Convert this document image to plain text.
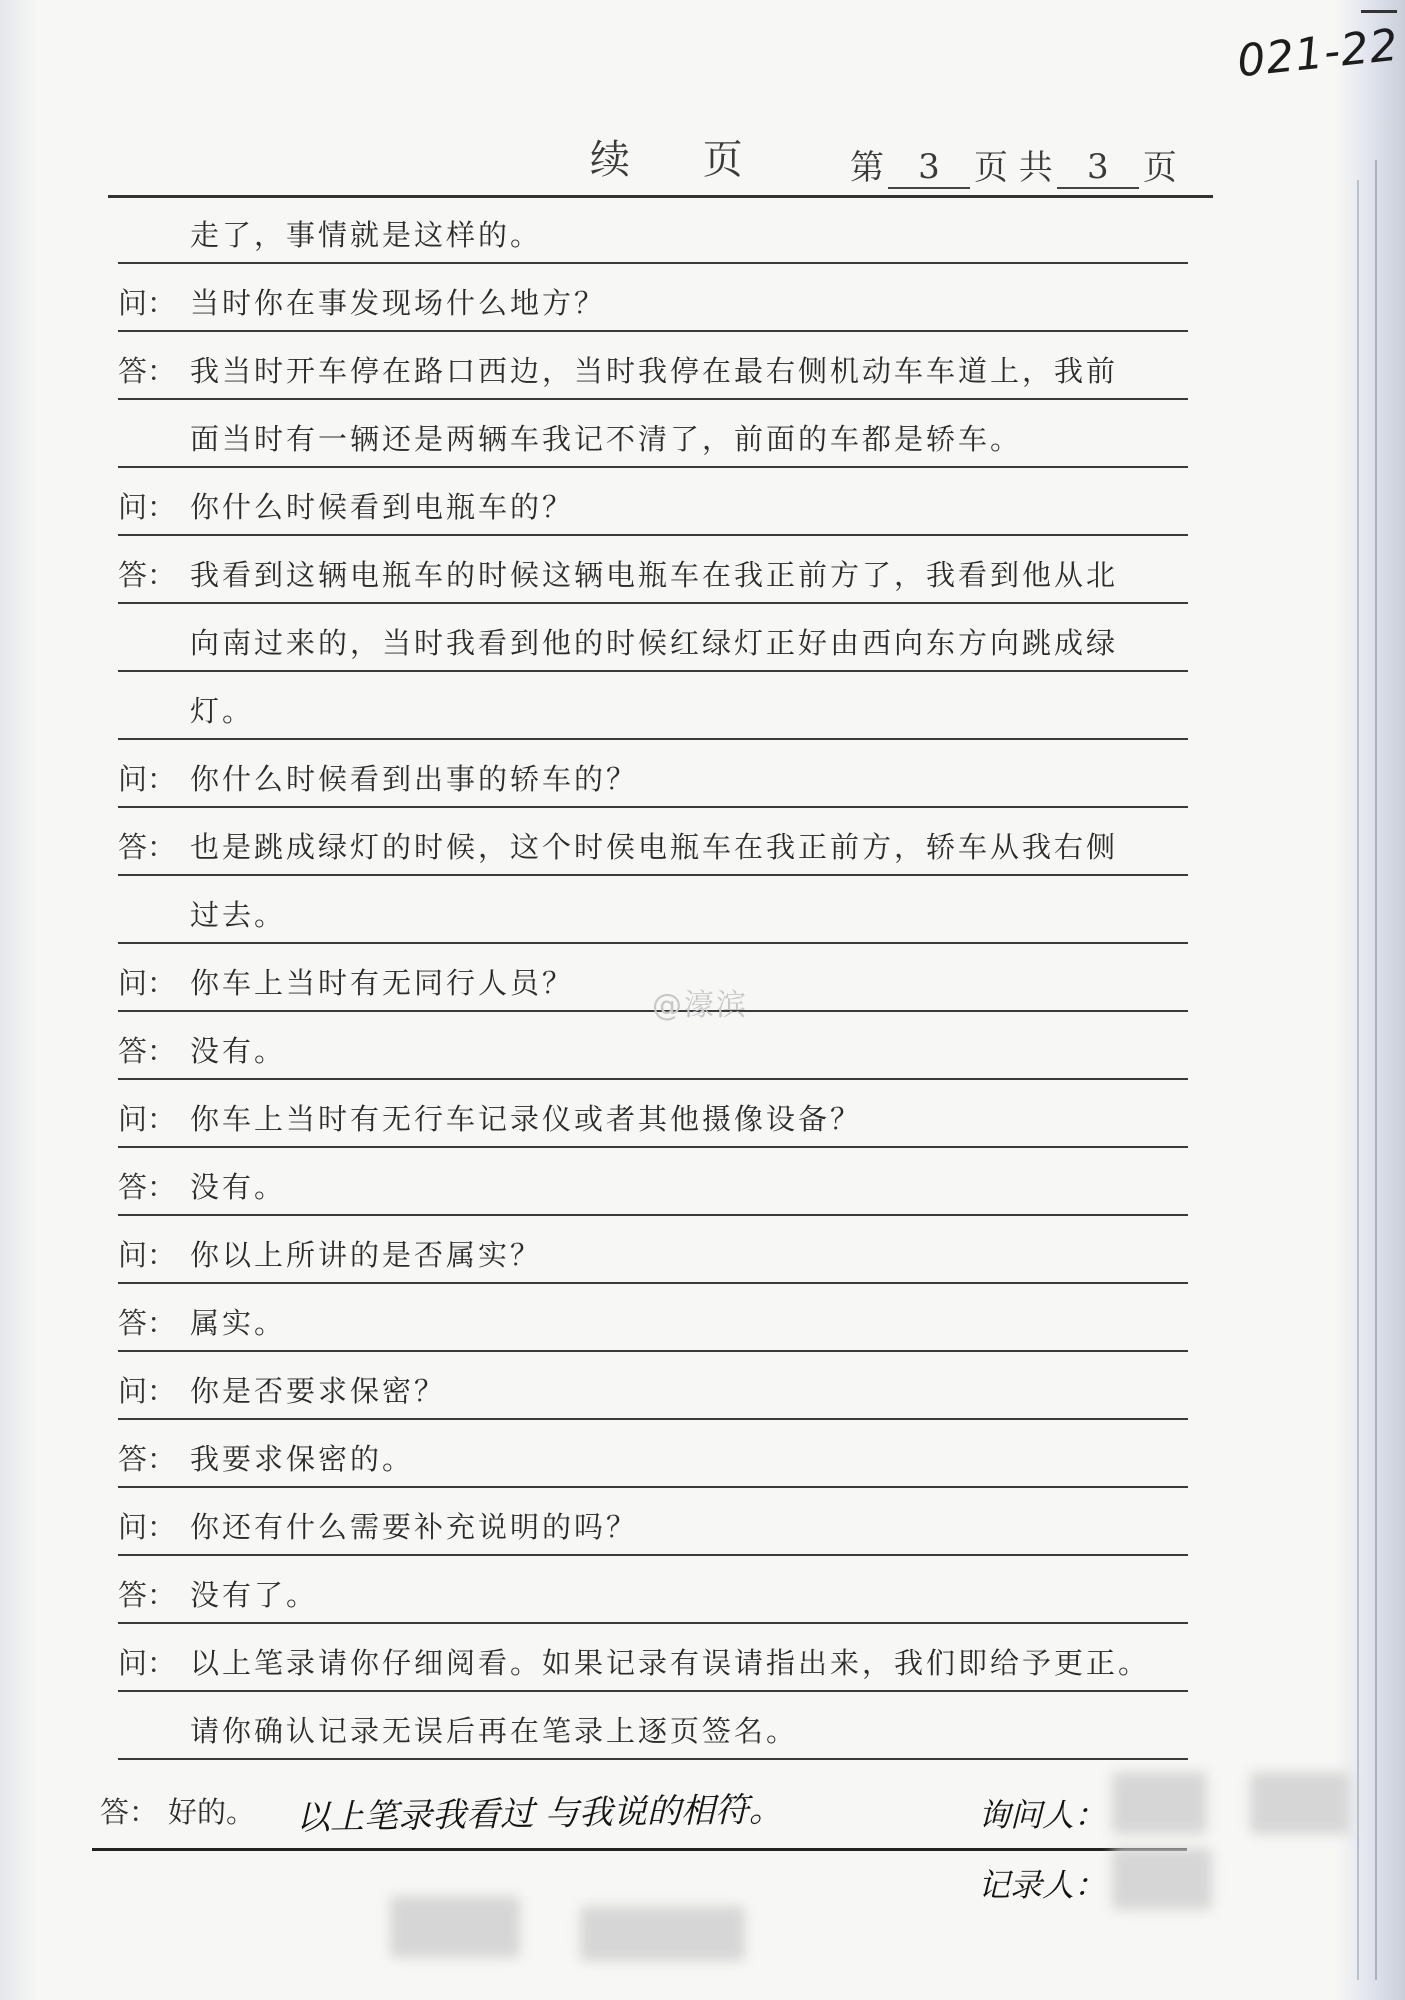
021-22
续 页 第	3	页 共	3	页
走了，事情就是这样的。
问： 当时你在事发现场什么地方？
答： 我当时开车停在路口西边，当时我停在最右侧机动车车道上，我前
面当时有一辆还是两辆车我记不清了，前面的车都是轿车。
问： 你什么时候看到电瓶车的？
答： 我看到这辆电瓶车的时候这辆电瓶车在我正前方了，我看到他从北
向南过来的，当时我看到他的时候红绿灯正好由西向东方向跳成绿
灯。
问： 你什么时候看到出事的轿车的？
答： 也是跳成绿灯的时候，这个时侯电瓶车在我正前方，轿车从我右侧
过去。
问： 你车上当时有无同行人员？
答： 没有。
问： 你车上当时有无行车记录仪或者其他摄像设备？
答： 没有。
问： 你以上所讲的是否属实？
答： 属实。
问： 你是否要求保密？
答： 我要求保密的。
问： 你还有什么需要补充说明的吗？
答： 没有了。
问： 以上笔录请你仔细阅看。如果记录有误请指出来，我们即给予更正。
请你确认记录无误后再在笔录上逐页签名。
答： 好的。 以上笔录我看过 与我说的相符。	询问人：
记录人：
@濠滨
